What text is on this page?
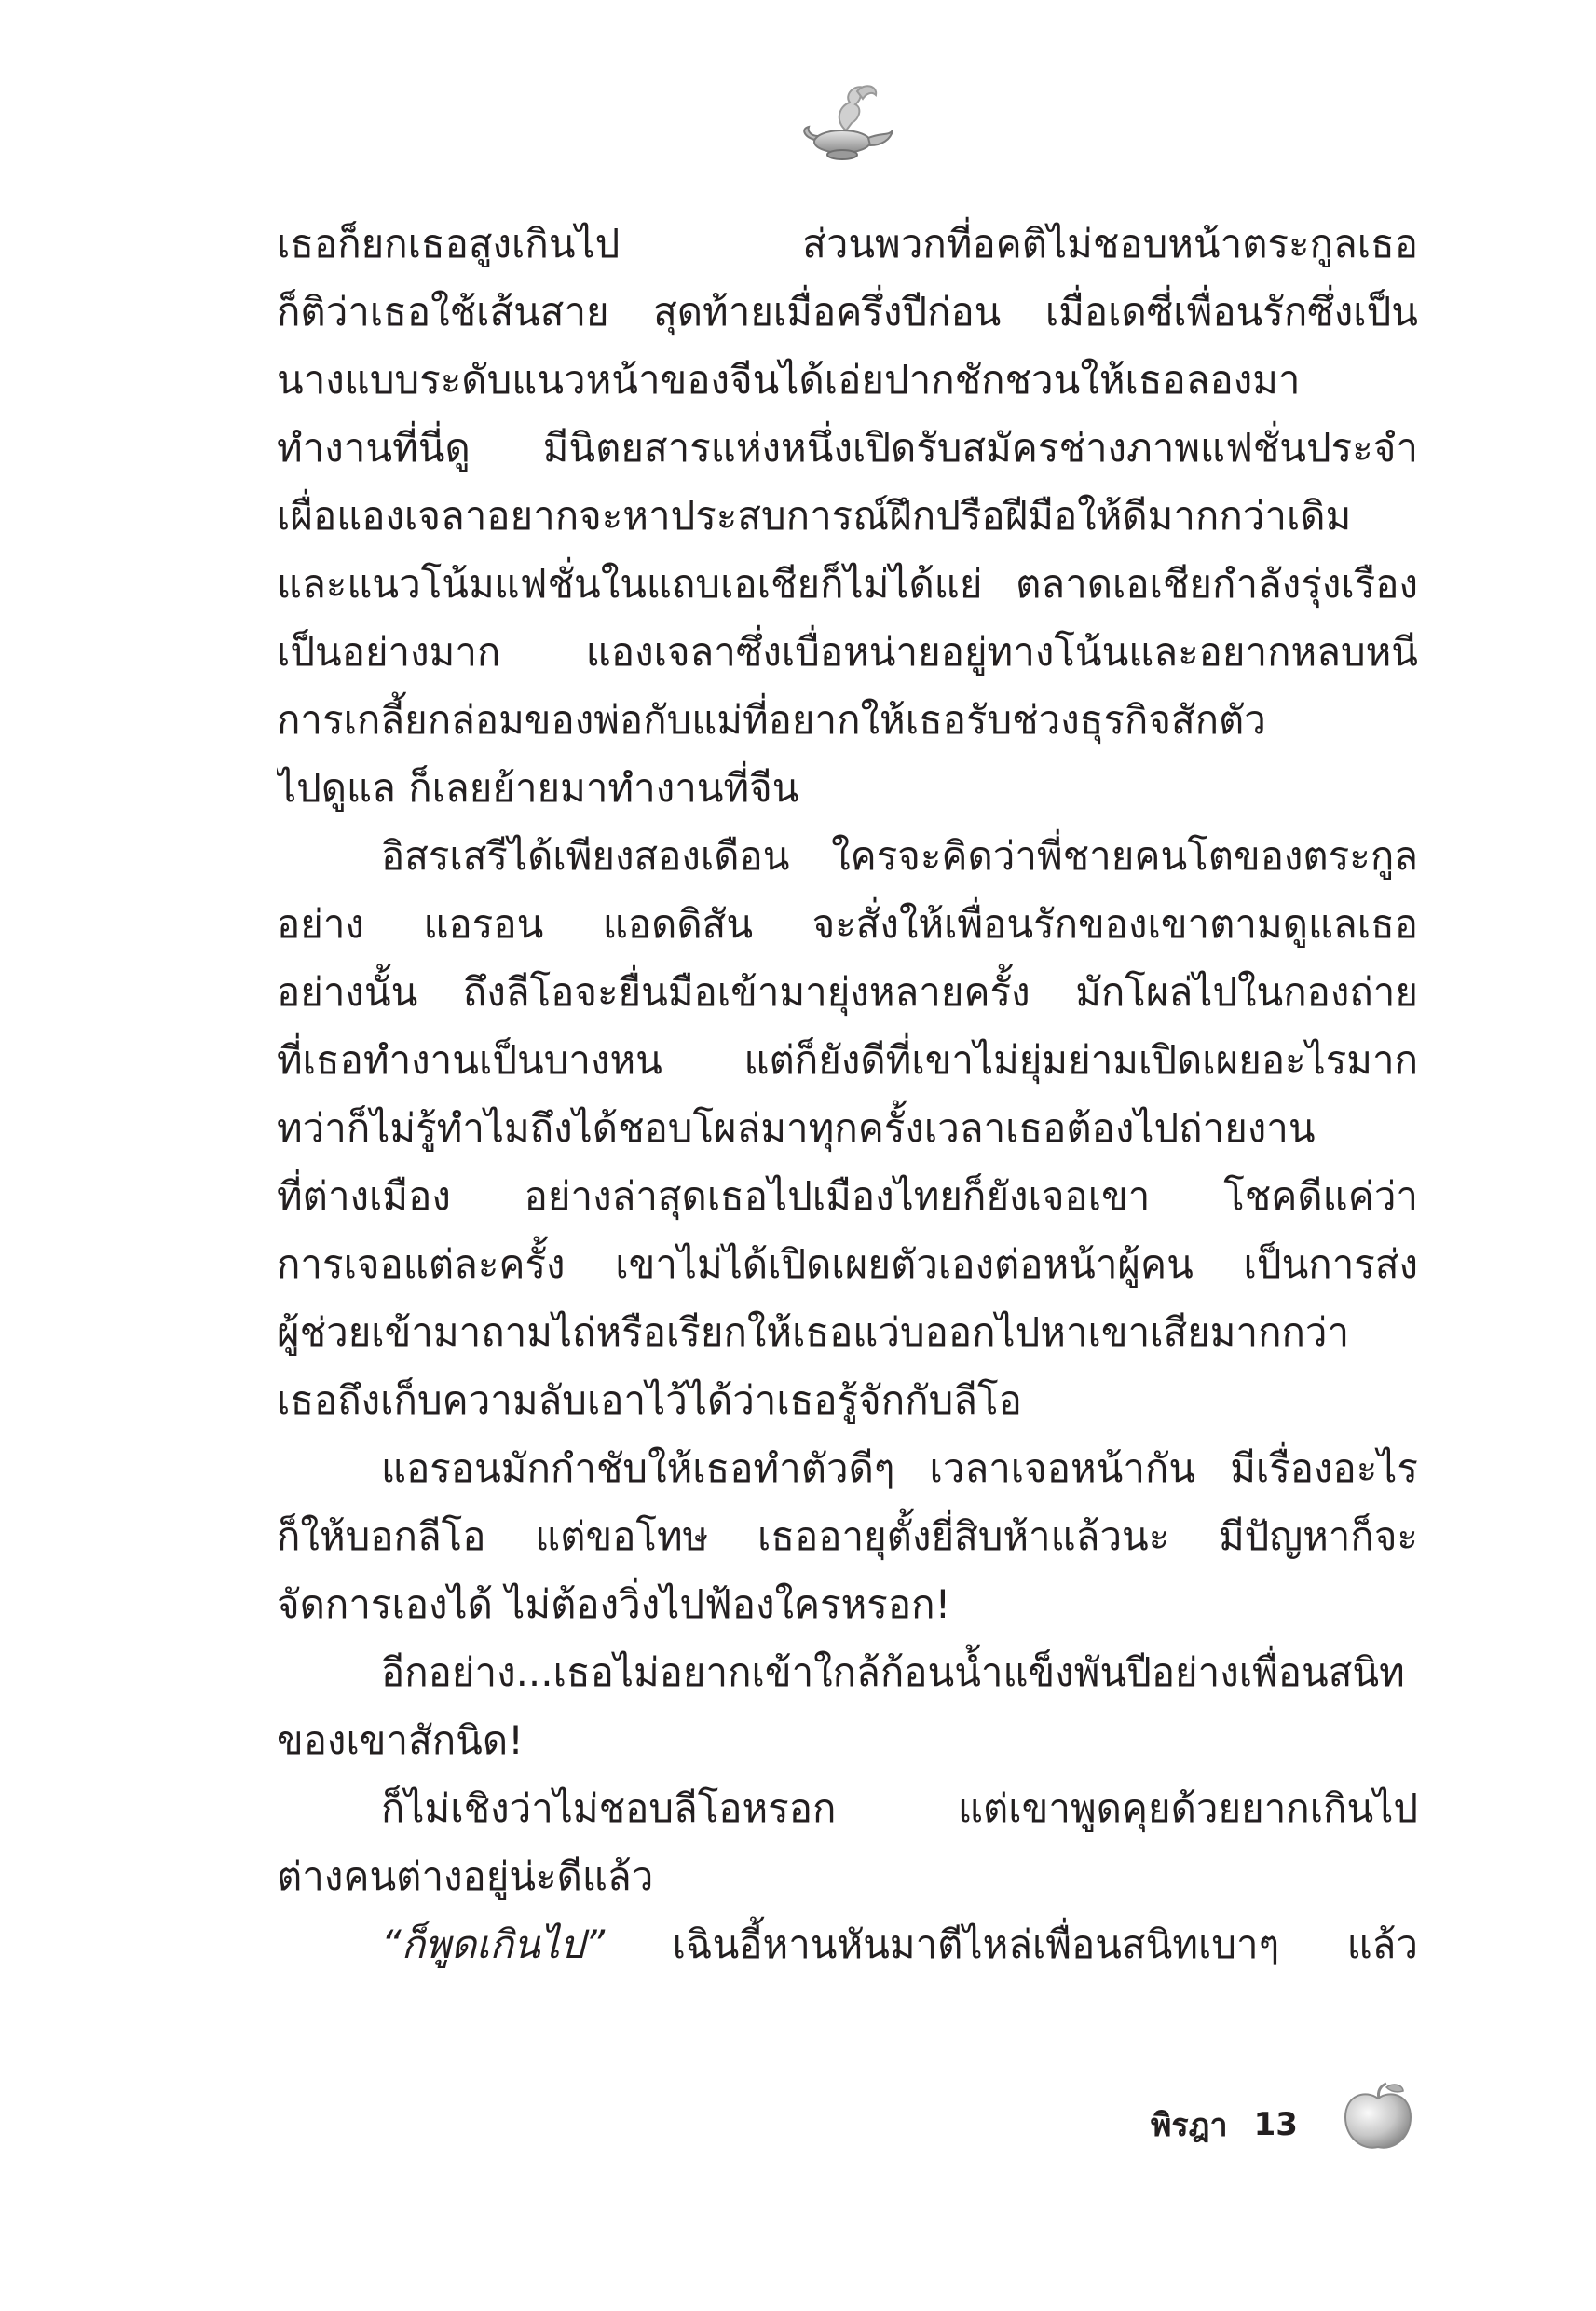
เธอก็ยกเธอสูงเกินไป ส่วนพวกที่อคติไม่ชอบหน้าตระกูลเธอ
ก็ติว่าเธอใช้เส้นสาย สุดท้ายเมื่อครึ่งปีก่อน เมื่อเดซี่เพื่อนรักซึ่งเป็น
นางแบบระดับแนวหน้าของจีนได้เอ่ยปากชักชวนให้เธอลองมา
ทำงานที่นี่ดู มีนิตยสารแห่งหนึ่งเปิดรับสมัครช่างภาพแฟชั่นประจำ
เผื่อแองเจลาอยากจะหาประสบการณ์ฝึกปรือฝีมือให้ดีมากกว่าเดิม
และแนวโน้มแฟชั่นในแถบเอเชียก็ไม่ได้แย่ ตลาดเอเชียกำลังรุ่งเรือง
เป็นอย่างมาก แองเจลาซึ่งเบื่อหน่ายอยู่ทางโน้นและอยากหลบหนี
การเกลี้ยกล่อมของพ่อกับแม่ที่อยากให้เธอรับช่วงธุรกิจสักตัว
ไปดูแล ก็เลยย้ายมาทำงานที่จีน
อิสรเสรีได้เพียงสองเดือน ใครจะคิดว่าพี่ชายคนโตของตระกูล
อย่าง แอรอน แอดดิสัน จะสั่งให้เพื่อนรักของเขาตามดูแลเธอ
อย่างนั้น ถึงลีโอจะยื่นมือเข้ามายุ่งหลายครั้ง มักโผล่ไปในกองถ่าย
ที่เธอทำงานเป็นบางหน แต่ก็ยังดีที่เขาไม่ยุ่มย่ามเปิดเผยอะไรมาก
ทว่าก็ไม่รู้ทำไมถึงได้ชอบโผล่มาทุกครั้งเวลาเธอต้องไปถ่ายงาน
ที่ต่างเมือง อย่างล่าสุดเธอไปเมืองไทยก็ยังเจอเขา โชคดีแค่ว่า
การเจอแต่ละครั้ง เขาไม่ได้เปิดเผยตัวเองต่อหน้าผู้คน เป็นการส่ง
ผู้ช่วยเข้ามาถามไถ่หรือเรียกให้เธอแว่บออกไปหาเขาเสียมากกว่า
เธอถึงเก็บความลับเอาไว้ได้ว่าเธอรู้จักกับลีโอ
แอรอนมักกำชับให้เธอทำตัวดีๆ เวลาเจอหน้ากัน มีเรื่องอะไร
ก็ให้บอกลีโอ แต่ขอโทษ เธออายุตั้งยี่สิบห้าแล้วนะ มีปัญหาก็จะ
จัดการเองได้ ไม่ต้องวิ่งไปฟ้องใครหรอก!
อีกอย่าง...เธอไม่อยากเข้าใกล้ก้อนน้ำแข็งพันปีอย่างเพื่อนสนิท
ของเขาสักนิด!
ก็ไม่เชิงว่าไม่ชอบลีโอหรอก แต่เขาพูดคุยด้วยยากเกินไป
ต่างคนต่างอยู่น่ะดีแล้ว
“ก็พูดเกินไป” เฉินอี้หานหันมาตีไหล่เพื่อนสนิทเบาๆ แล้ว
พิรฎา 13
